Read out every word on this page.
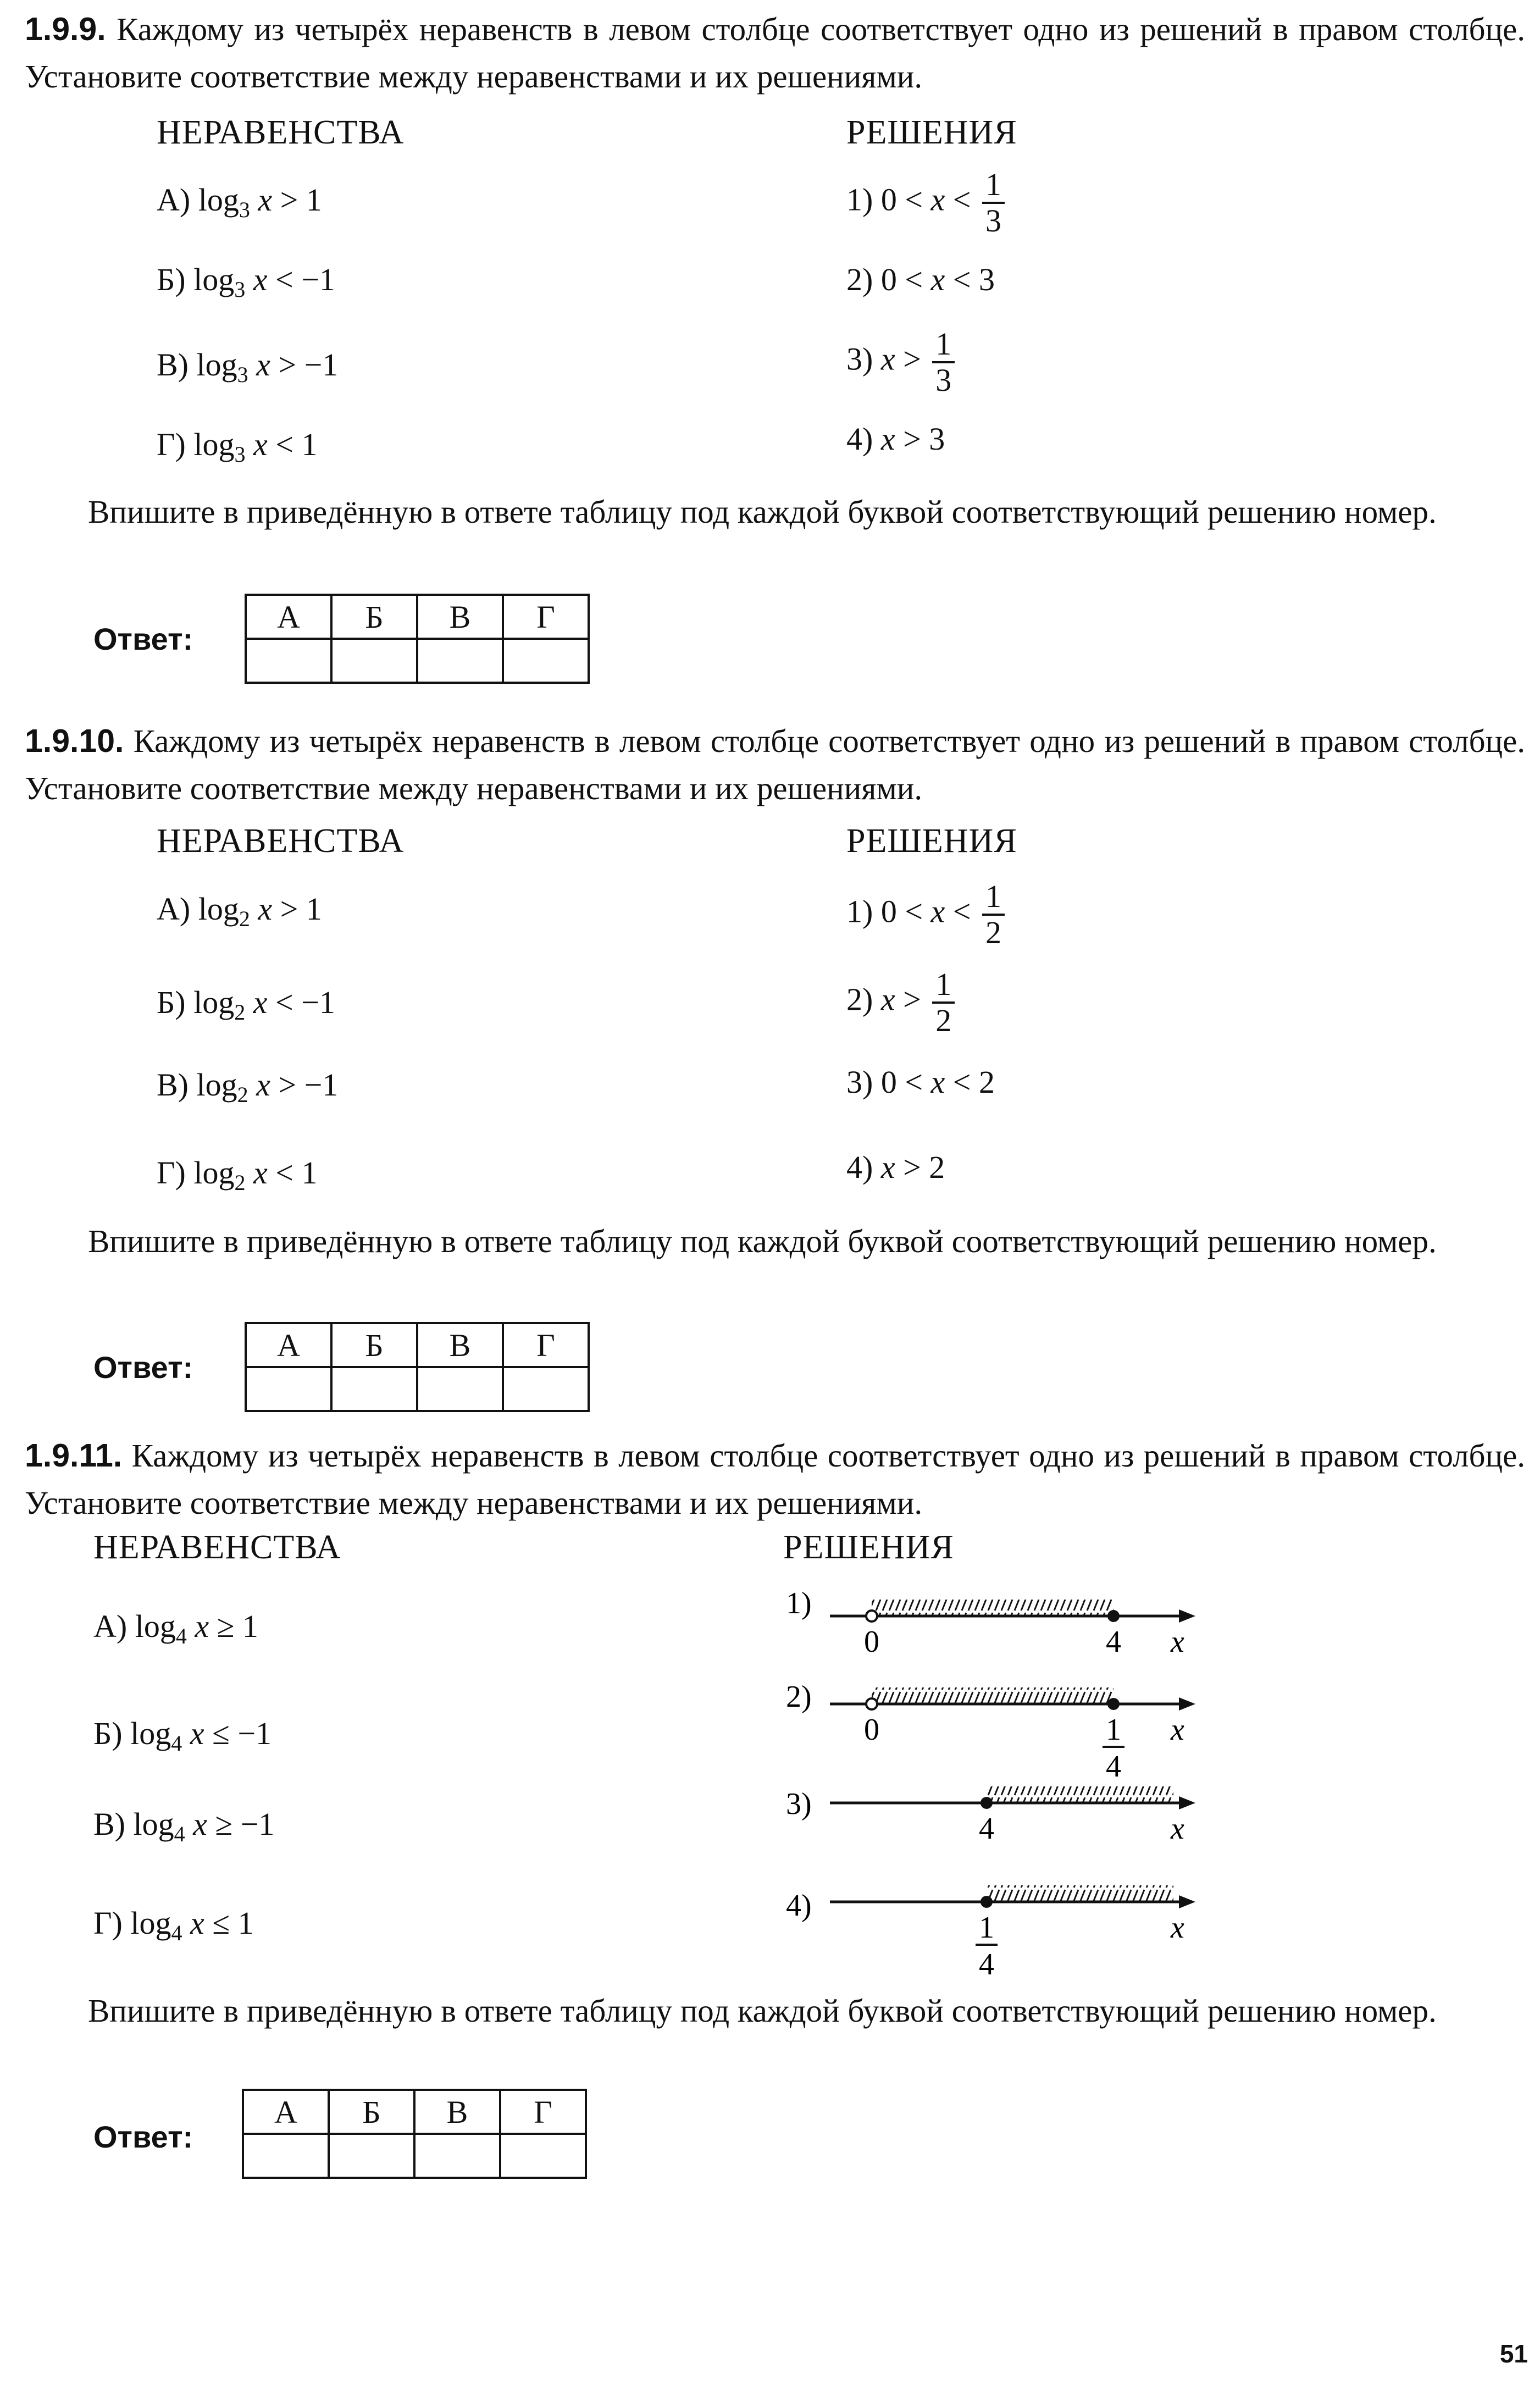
1.9.9. Каждому из четырёх неравенств в левом столбце соответствует одно из решений в правом столбце. Установите соответствие между неравенствами и их решениями.
НЕРАВЕНСТВА	РЕШЕНИЯ
А) $\log_3 x > 1$
Б) $\log_3 x < -1$
В) $\log_3 x > -1$
Г) $\log_3 x < 1$
1) $0 < x < \frac{1}{3}$
2) 0 < x < 3
3) $x > \frac{1}{3}$
4) x > 3
Впишите в приведённую в ответе таблицу под каждой буквой соответствующий решению номер.
Ответ:
А	Б	В	Г

1.9.10. Каждому из четырёх неравенств в левом столбце соответствует одно из решений в правом столбце. Установите соответствие между неравенствами и их решениями.
НЕРАВЕНСТВА	РЕШЕНИЯ
А) $\log_2 x > 1$
Б) $\log_2 x < -1$
В) $\log_2 x > -1$
Г) $\log_2 x < 1$
1) $0 < x < \frac{1}{2}$
2) $x > \frac{1}{2}$
3) 0 < x < 2
4) x > 2
Впишите в приведённую в ответе таблицу под каждой буквой соответствующий решению номер.
Ответ:
А	Б	В	Г

1.9.11. Каждому из четырёх неравенств в левом столбце соответствует одно из решений в правом столбце. Установите соответствие между неравенствами и их решениями.
НЕРАВЕНСТВА	РЕШЕНИЯ
А) $\log_4 x \ge 1$
Б) $\log_4 x \le -1$
В) $\log_4 x \ge -1$
Г) $\log_4 x \le 1$
1)
0	4 x
2)
0	1
4
x
3)
4	x
4)
1
4
x
Впишите в приведённую в ответе таблицу под каждой буквой соответствующий решению номер.
Ответ:
А	Б	В	Г

51
